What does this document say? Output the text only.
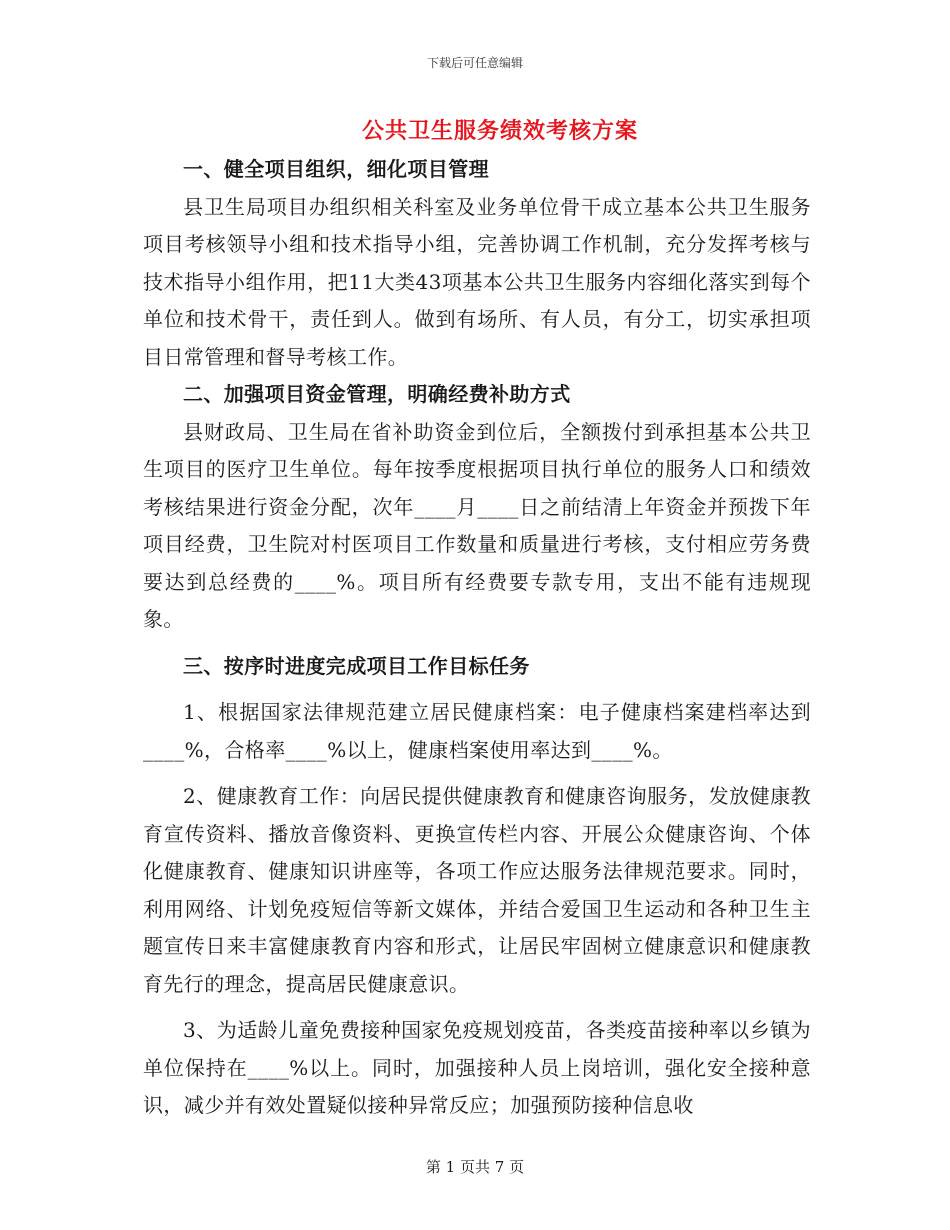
下载后可任意编辑
公共卫生服务绩效考核方案
一、健全项目组织，细化项目管理

县卫生局项目办组织相关科室及业务单位骨干成立基本公共卫生服务项目考核领导小组和技术指导小组，完善协调工作机制，充分发挥考核与技术指导小组作用，把11大类43项基本公共卫生服务内容细化落实到每个单位和技术骨干，责任到人。做到有场所、有人员，有分工，切实承担项目日常管理和督导考核工作。

二、加强项目资金管理，明确经费补助方式

县财政局、卫生局在省补助资金到位后，全额拨付到承担基本公共卫生项目的医疗卫生单位。每年按季度根据项目执行单位的服务人口和绩效考核结果进行资金分配，次年____月____日之前结清上年资金并预拨下年项目经费，卫生院对村医项目工作数量和质量进行考核，支付相应劳务费要达到总经费的____%。项目所有经费要专款专用，支出不能有违规现象。

三、按序时进度完成项目工作目标任务

1、根据国家法律规范建立居民健康档案：电子健康档案建档率达到____%，合格率____%以上，健康档案使用率达到____%。

2、健康教育工作：向居民提供健康教育和健康咨询服务，发放健康教育宣传资料、播放音像资料、更换宣传栏内容、开展公众健康咨询、个体化健康教育、健康知识讲座等，各项工作应达服务法律规范要求。同时，利用网络、计划免疫短信等新文媒体，并结合爱国卫生运动和各种卫生主题宣传日来丰富健康教育内容和形式，让居民牢固树立健康意识和健康教育先行的理念，提高居民健康意识。

3、为适龄儿童免费接种国家免疫规划疫苗，各类疫苗接种率以乡镇为单位保持在____%以上。同时，加强接种人员上岗培训，强化安全接种意识，减少并有效处置疑似接种异常反应；加强预防接种信息收

第 1 页共 7 页
